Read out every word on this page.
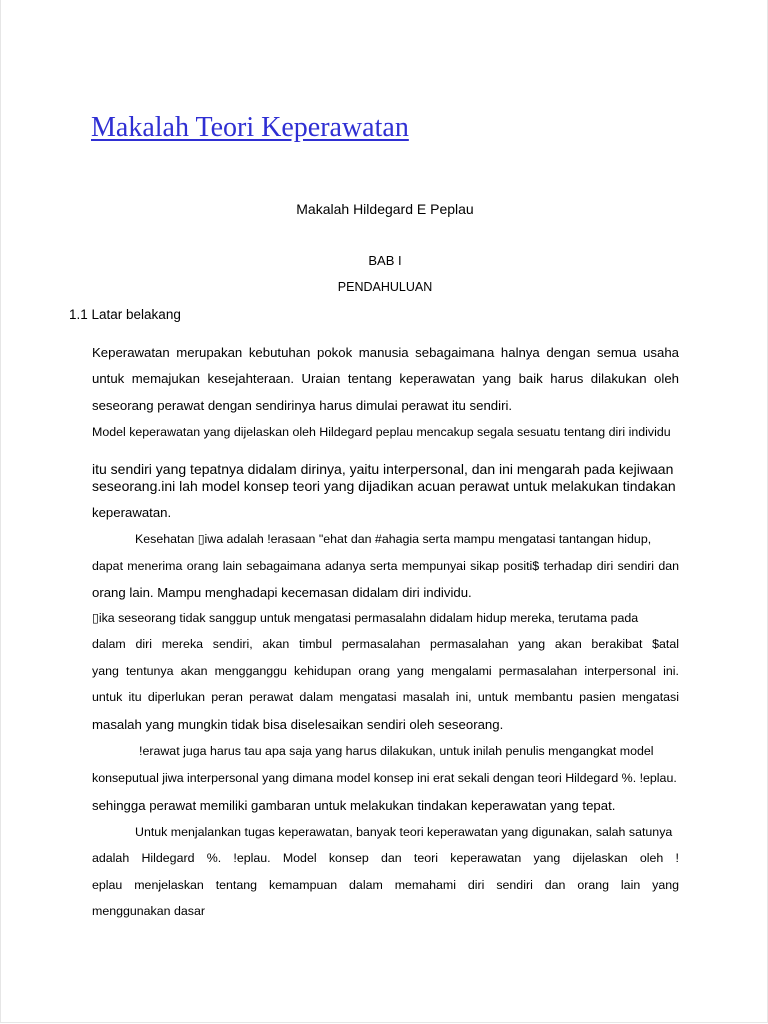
Makalah Teori Keperawatan
Makalah Hildegard E Peplau
BAB I
PENDAHULUAN
1.1 Latar belakang
Keperawatan merupakan kebutuhan pokok manusia sebagaimana halnya dengan semua usaha
untuk memajukan kesejahteraan. Uraian tentang keperawatan yang baik harus dilakukan oleh
seseorang perawat dengan sendirinya harus dimulai perawat itu sendiri.
Model keperawatan yang dijelaskan oleh Hildegard peplau mencakup segala sesuatu tentang diri individu
itu sendiri yang tepatnya didalam dirinya, yaitu interpersonal, dan ini mengarah pada kejiwaan
seseorang.ini lah model konsep teori yang dijadikan acuan perawat untuk melakukan tindakan
keperawatan.
Kesehatan ▯iwa adalah !erasaan "ehat dan #ahagia serta mampu mengatasi tantangan hidup,
dapat menerima orang lain sebagaimana adanya serta mempunyai sikap positi$ terhadap diri sendiri dan
orang lain. Mampu menghadapi kecemasan didalam diri individu.
▯ika seseorang tidak sanggup untuk mengatasi permasalahn didalam hidup mereka, terutama pada
dalam diri mereka sendiri, akan timbul permasalahan permasalahan yang akan berakibat $atal
yang tentunya akan mengganggu kehidupan orang yang mengalami permasalahan interpersonal ini.
untuk itu diperlukan peran perawat dalam mengatasi masalah ini, untuk membantu pasien mengatasi
masalah yang mungkin tidak bisa diselesaikan sendiri oleh seseorang.
!erawat juga harus tau apa saja yang harus dilakukan, untuk inilah penulis mengangkat model
konseputual jiwa interpersonal yang dimana model konsep ini erat sekali dengan teori Hildegard %. !eplau.
sehingga perawat memiliki gambaran untuk melakukan tindakan keperawatan yang tepat.
Untuk menjalankan tugas keperawatan, banyak teori keperawatan yang digunakan, salah satunya
adalah Hildegard %. !eplau. Model konsep dan teori keperawatan yang dijelaskan oleh !
eplau menjelaskan tentang kemampuan dalam memahami diri sendiri dan orang lain yang
menggunakan dasar
